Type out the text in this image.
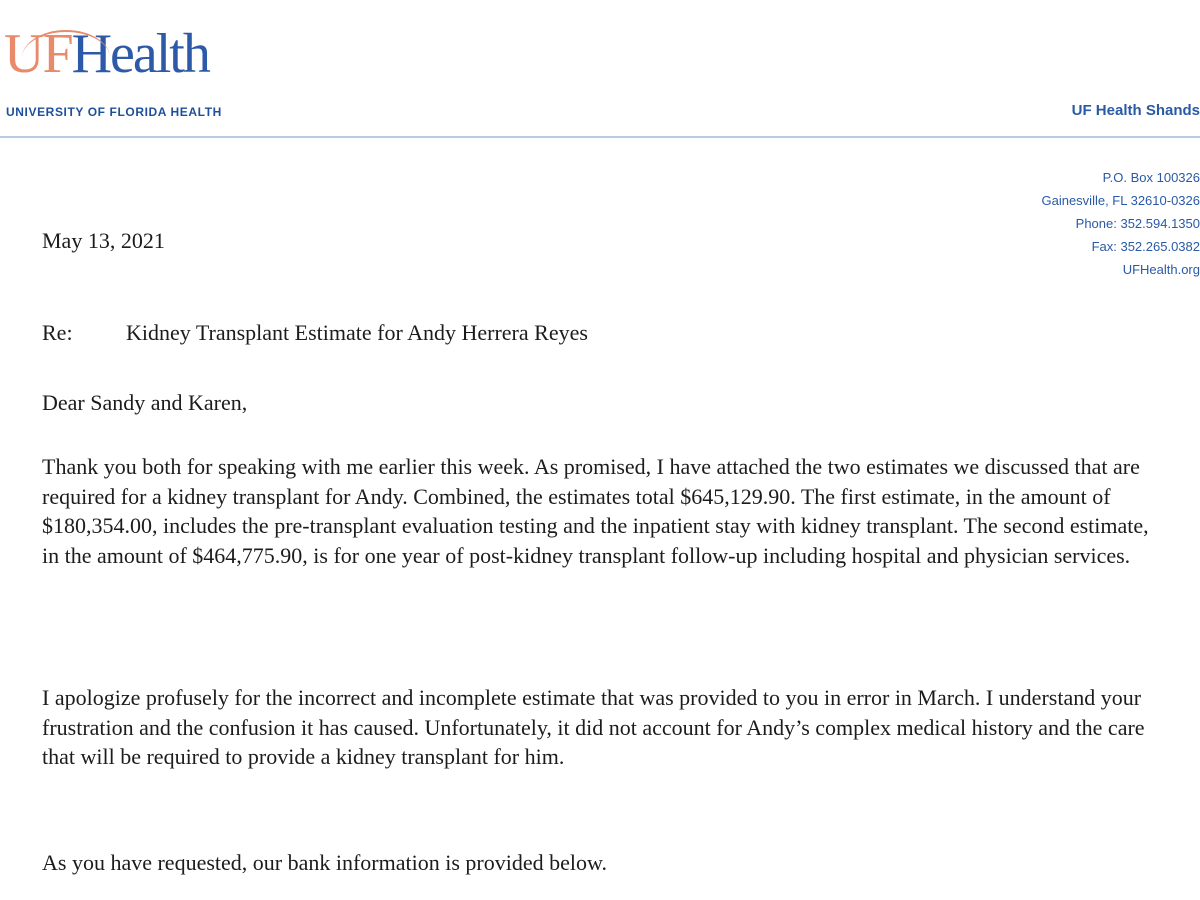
UFHealth
UNIVERSITY OF FLORIDA HEALTH	UF Health Shands
P.O. Box 100326
Gainesville, FL 32610-0326
Phone: 352.594.1350
Fax: 352.265.0382
UFHealth.org
May 13, 2021
Re: Kidney Transplant Estimate for Andy Herrera Reyes
Dear Sandy and Karen,

Thank you both for speaking with me earlier this week. As promised, I have attached the two estimates we discussed that are required for a kidney transplant for Andy. Combined, the estimates total $645,129.90. The first estimate, in the amount of $180,354.00, includes the pre-transplant evaluation testing and the inpatient stay with kidney transplant. The second estimate, in the amount of $464,775.90, is for one year of post-kidney transplant follow-up including hospital and physician services.

I apologize profusely for the incorrect and incomplete estimate that was provided to you in error in March. I understand your frustration and the confusion it has caused. Unfortunately, it did not account for Andy’s complex medical history and the care that will be required to provide a kidney transplant for him.

As you have requested, our bank information is provided below.
